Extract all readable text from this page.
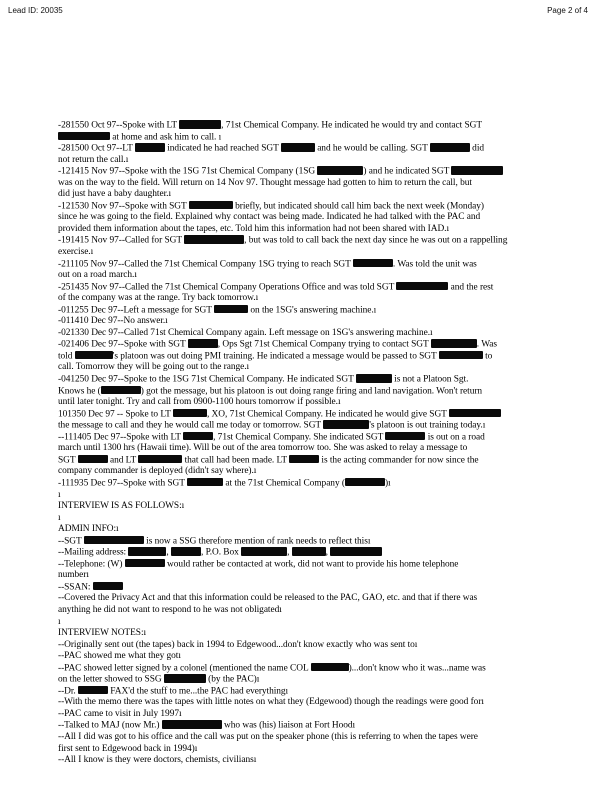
Lead ID: 20035	Page 2 of 4
-281550 Oct 97--Spoke with LT	, 71st Chemical Company. He indicated he would try and contact SGT
at home and ask him to call. ı
-281500 Oct 97--LT	indicated he had reached SGT	and he would be calling. SGT	did
not return the call.ı
-121415 Nov 97--Spoke with the 1SG 71st Chemical Company (1SG	) and he indicated SGT
was on the way to the field. Will return on 14 Nov 97. Thought message had gotten to him to return the call, but
did just have a baby daughter.ı
-121530 Nov 97--Spoke with SGT	briefly, but indicated should call him back the next week (Monday)
since he was going to the field. Explained why contact was being made. Indicated he had talked with the PAC and
provided them information about the tapes, etc. Told him this information had not been shared with IAD.ı
-191415 Nov 97--Called for SGT	, but was told to call back the next day since he was out on a rappelling
exercise.ı
-211105 Nov 97--Called the 71st Chemical Company 1SG trying to reach SGT	. Was told the unit was
out on a road march.ı
-251435 Nov 97--Called the 71st Chemical Company Operations Office and was told SGT	and the rest
of the company was at the range. Try back tomorrow.ı
-011255 Dec 97--Left a message for SGT	on the 1SG's answering machine.ı
-011410 Dec 97--No answer.ı
-021330 Dec 97--Called 71st Chemical Company again. Left message on 1SG's answering machine.ı
-021406 Dec 97--Spoke with SGT	, Ops Sgt 71st Chemical Company trying to contact SGT	. Was
told	's platoon was out doing PMI training. He indicated a message would be passed to SGT	to
call. Tomorrow they will be going out to the range.ı
-041250 Dec 97--Spoke to the 1SG 71st Chemical Company. He indicated SGT	is not a Platoon Sgt.
Knows he (	) got the message, but his platoon is out doing range firing and land navigation. Won't return
until later tonight. Try and call from 0900-1100 hours tomorrow if possible.ı
101350 Dec 97 -- Spoke to LT	, XO, 71st Chemical Company. He indicated he would give SGT
the message to call and they he would call me today or tomorrow. SGT	's platoon is out training today.ı
--111405 Dec 97--Spoke with LT	, 71st Chemical Company. She indicated SGT	is out on a road
march until 1300 hrs (Hawaii time). Will be out of the area tomorrow too. She was asked to relay a message to
SGT	and LT	that call had been made. LT	is the acting commander for now since the
company commander is deployed (didn't say where).ı
-111935 Dec 97--Spoke with SGT	at the 71st Chemical Company (	)ı
ı
INTERVIEW IS AS FOLLOWS:ı
ı
ADMIN INFO:ı
--SGT	is now a SSG therefore mention of rank needs to reflect thisı
--Mailing address:	,	, P.O. Box	,	,
--Telephone: (W)	would rather be contacted at work, did not want to provide his home telephone
numberı
--SSAN:
--Covered the Privacy Act and that this information could be released to the PAC, GAO, etc. and that if there was
anything he did not want to respond to he was not obligatedı
ı
INTERVIEW NOTES:ı
--Originally sent out (the tapes) back in 1994 to Edgewood...don't know exactly who was sent toı
--PAC showed me what they gotı
--PAC showed letter signed by a colonel (mentioned the name COL	)...don't know who it was...name was
on the letter showed to SSG	(by the PAC)ı
--Dr.	FAX'd the stuff to me...the PAC had everythingı
--With the memo there was the tapes with little notes on what they (Edgewood) though the readings were good forı
--PAC came to visit in July 1997ı
--Talked to MAJ (now Mr.)	who was (his) liaison at Fort Hoodı
--All I did was got to his office and the call was put on the speaker phone (this is referring to when the tapes were
first sent to Edgewood back in 1994)ı
--All I know is they were doctors, chemists, civiliansı
